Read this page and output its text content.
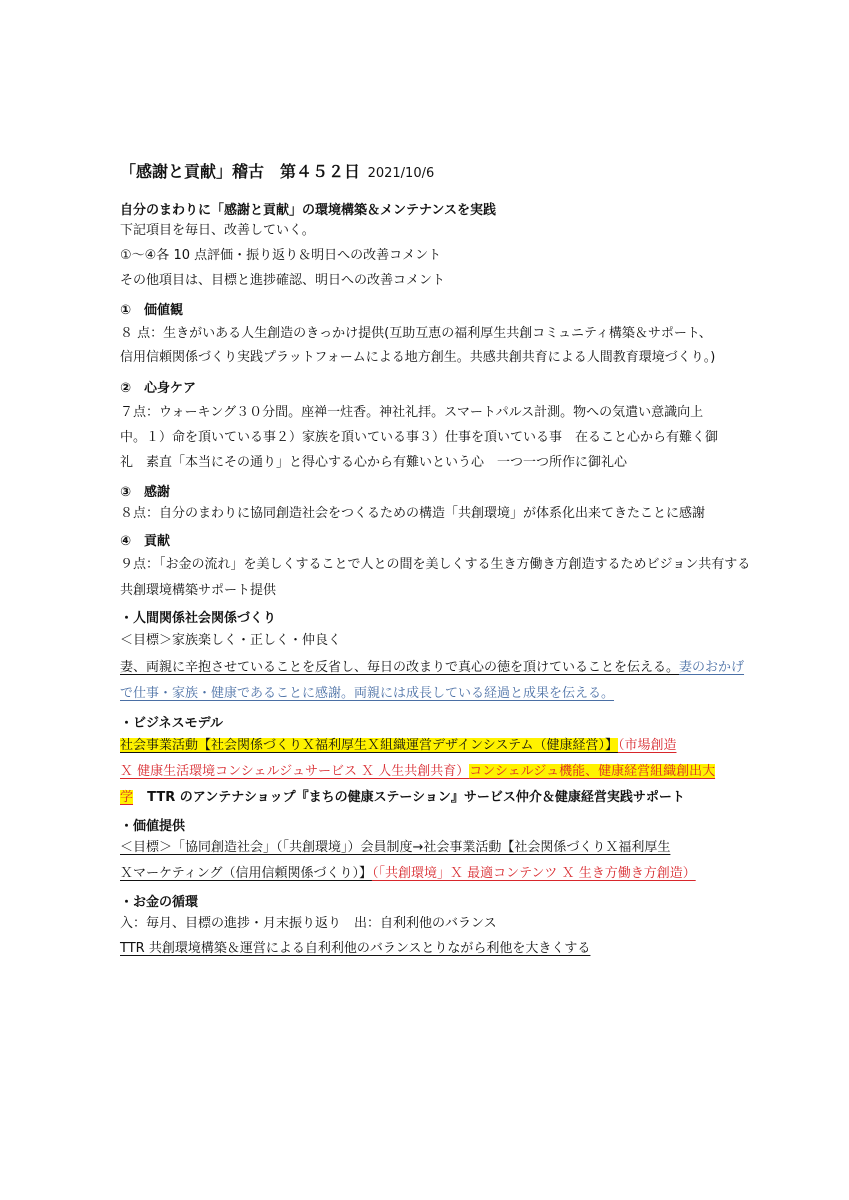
「感謝と貢献」稽古　第４５２日 2021/10/6
自分のまわりに「感謝と貢献」の環境構築＆メンテナンスを実践
下記項目を毎日、改善していく。
①～④各 10 点評価・振り返り＆明日への改善コメント
その他項目は、目標と進捗確認、明日への改善コメント
①　価値観
８ 点：生きがいある人生創造のきっかけ提供(互助互恵の福利厚生共創コミュニティ構築＆サポート、
信用信頼関係づくり実践プラットフォームによる地方創生。共感共創共育による人間教育環境づくり。)
②　心身ケア
７点：ウォーキング３０分間。座禅一炷香。神社礼拝。スマートパルス計測。物への気遣い意識向上
中。１）命を頂いている事２）家族を頂いている事３）仕事を頂いている事　在ること心から有難く御
礼　素直「本当にその通り」と得心する心から有難いという心　一つ一つ所作に御礼心
③　感謝
８点：自分のまわりに協同創造社会をつくるための構造「共創環境」が体系化出来てきたことに感謝
④　貢献
９点：「お金の流れ」を美しくすることで人との間を美しくする生き方働き方創造するためビジョン共有する
共創環境構築サポート提供
・人間関係社会関係づくり
＜目標＞家族楽しく・正しく・仲良く
妻、両親に辛抱させていることを反省し、毎日の改まりで真心の徳を頂けていることを伝える。妻のおかげ
で仕事・家族・健康であることに感謝。両親には成長している経過と成果を伝える。
・ビジネスモデル
社会事業活動【社会関係づくりＸ福利厚生Ｘ組織運営デザインシステム（健康経営）】（市場創造
Ｘ 健康生活環境コンシェルジュサービス Ｘ 人生共創共育）コンシェルジュ機能、健康経営組織創出大
学 TTR のアンテナショップ『まちの健康ステーション』サービス仲介＆健康経営実践サポート
・価値提供
＜目標＞「協同創造社会」（「共創環境」）会員制度→社会事業活動【社会関係づくりＸ福利厚生
Ｘマーケティング（信用信頼関係づくり）】（「共創環境」Ｘ 最適コンテンツ Ｘ 生き方働き方創造）
・お金の循環
入：毎月、目標の進捗・月末振り返り　出：自利利他のバランス
TTR 共創環境構築＆運営による自利利他のバランスとりながら利他を大きくする
